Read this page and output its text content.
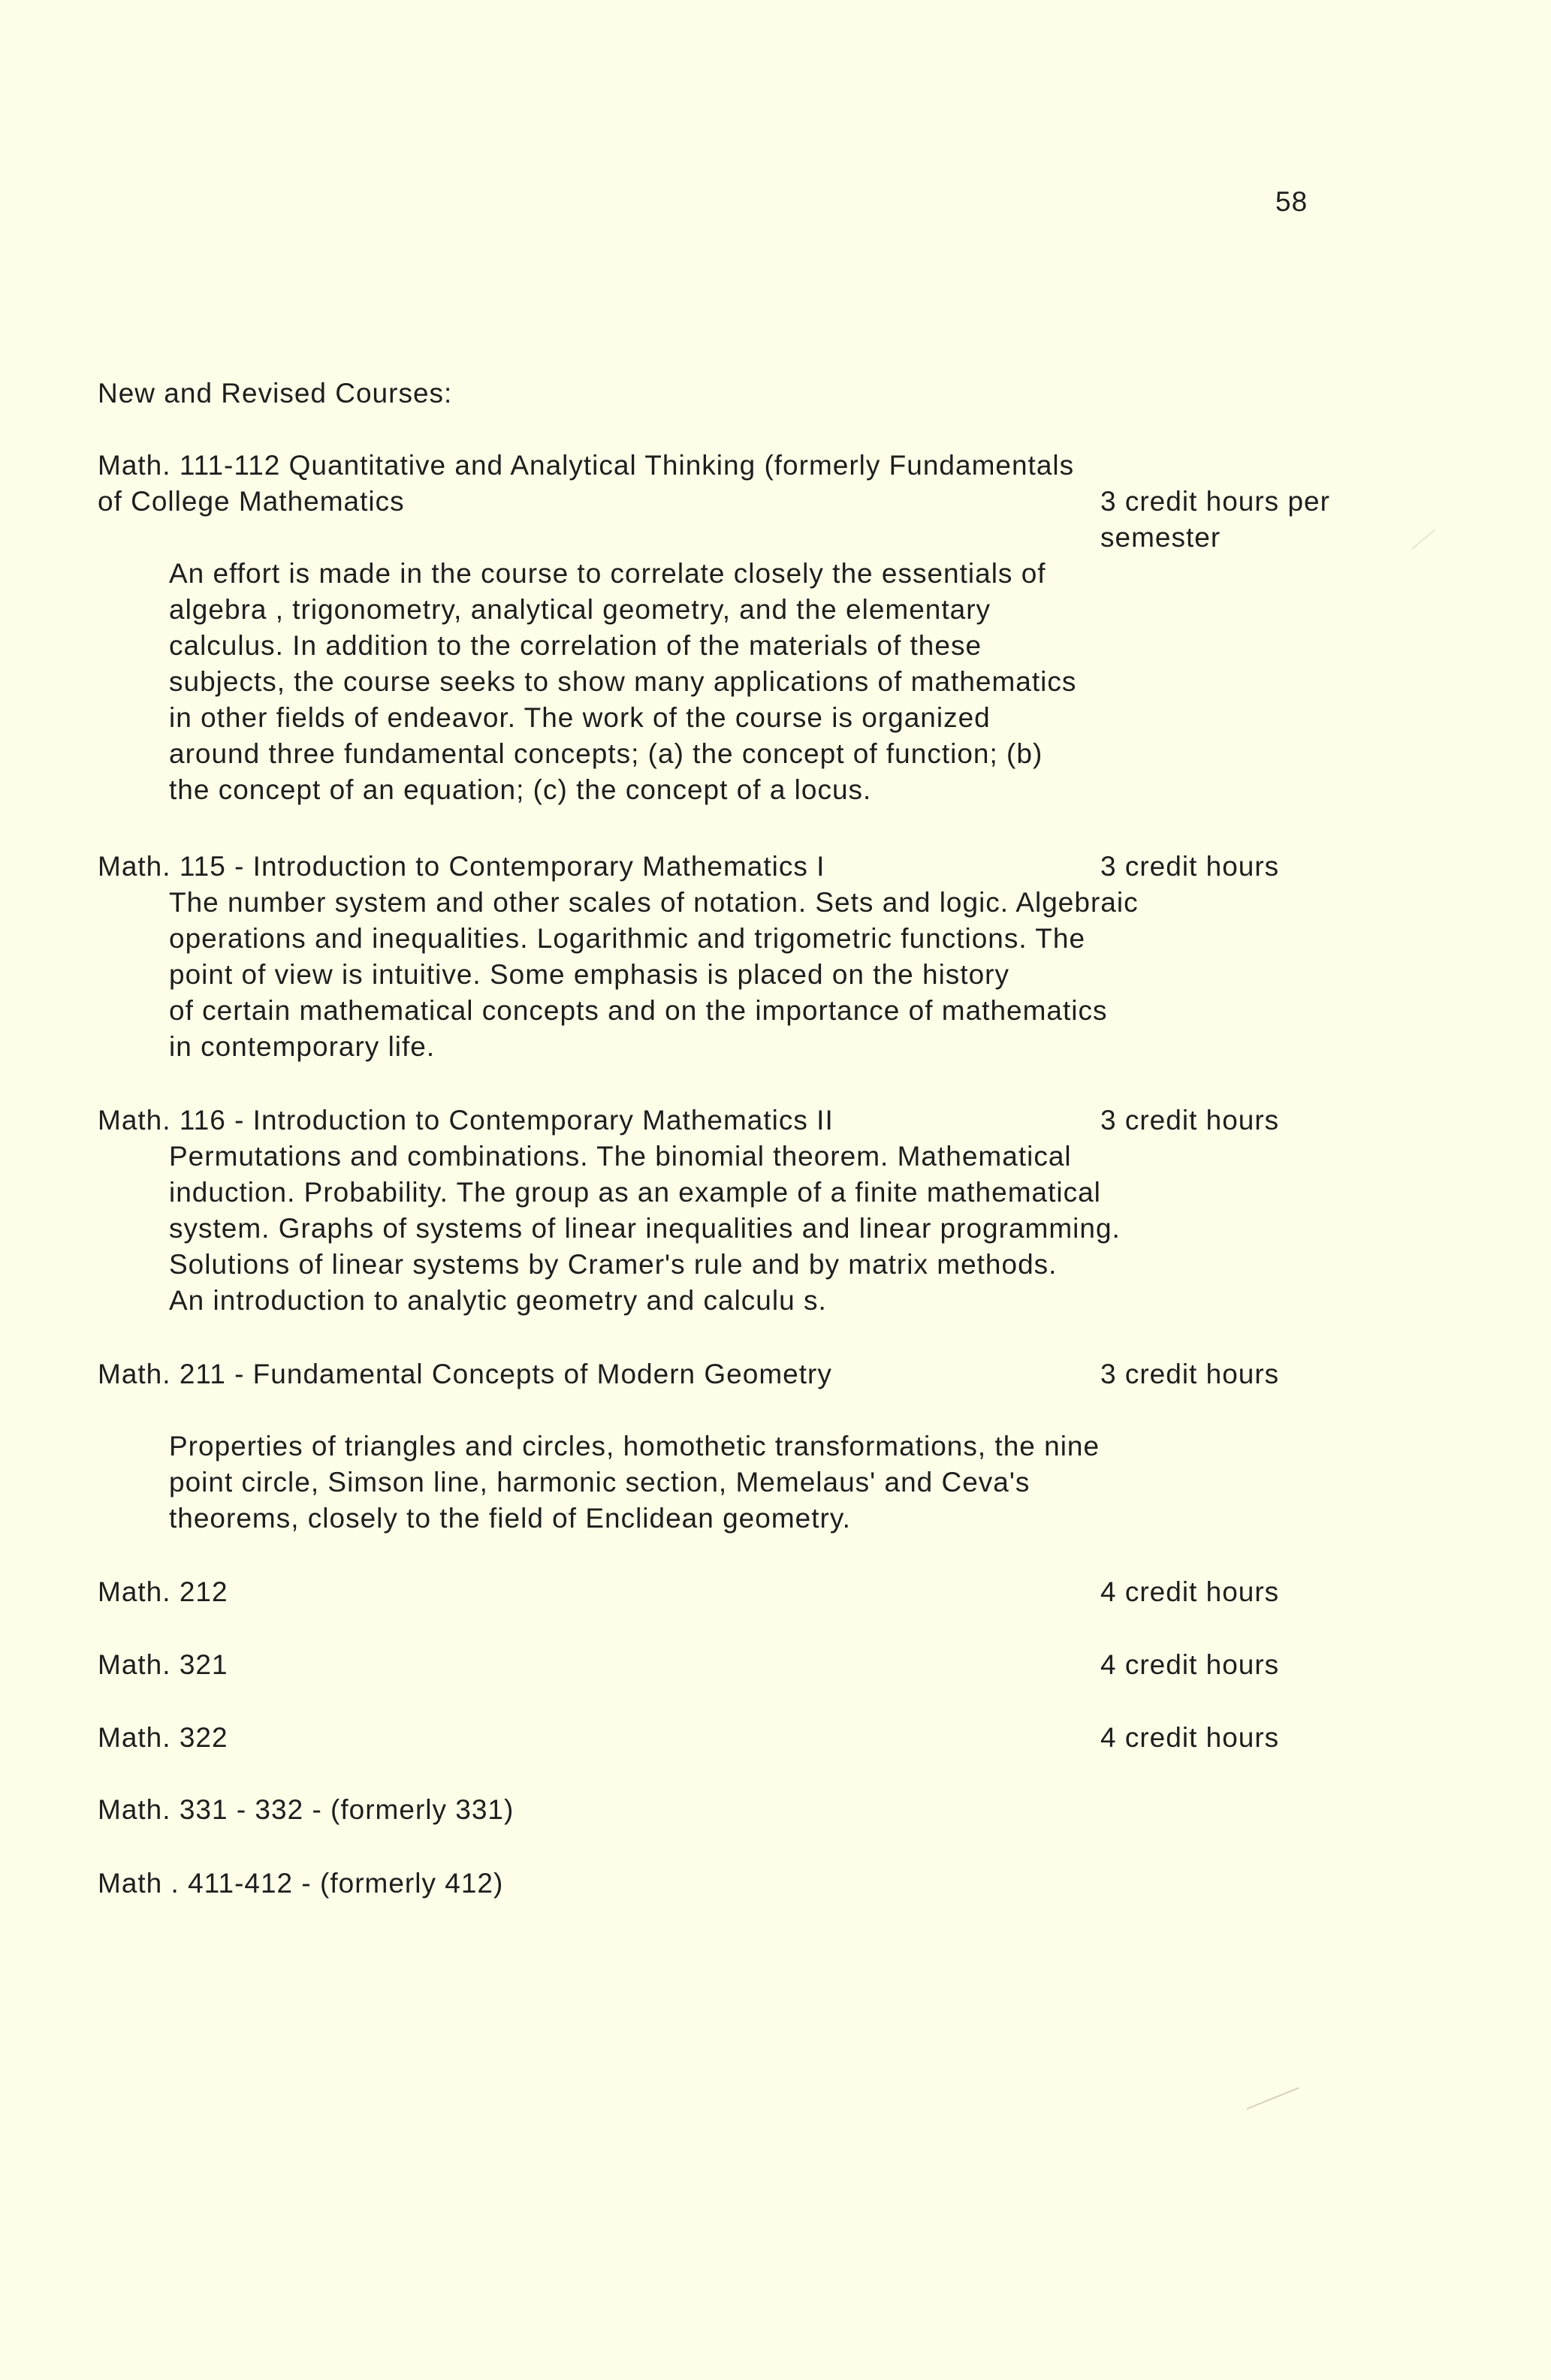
58
New and Revised Courses:
Math. 111-112 Quantitative and Analytical Thinking (formerly Fundamentals
of College Mathematics	3 credit hours per
semester
An effort is made in the course to correlate closely the essentials of
algebra , trigonometry, analytical geometry, and the elementary
calculus. In addition to the correlation of the materials of these
subjects, the course seeks to show many applications of mathematics
in other fields of endeavor. The work of the course is organized
around three fundamental concepts; (a) the concept of function; (b)
the concept of an equation; (c) the concept of a locus.
Math. 115 - Introduction to Contemporary Mathematics I	3 credit hours
The number system and other scales of notation. Sets and logic. Algebraic
operations and inequalities. Logarithmic and trigometric functions. The
point of view is intuitive. Some emphasis is placed on the history
of certain mathematical concepts and on the importance of mathematics
in contemporary life.
Math. 116 - Introduction to Contemporary Mathematics II	3 credit hours
Permutations and combinations. The binomial theorem. Mathematical
induction. Probability. The group as an example of a finite mathematical
system. Graphs of systems of linear inequalities and linear programming.
Solutions of linear systems by Cramer's rule and by matrix methods.
An introduction to analytic geometry and calculu s.
Math. 211 - Fundamental Concepts of Modern Geometry	3 credit hours
Properties of triangles and circles, homothetic transformations, the nine
point circle, Simson line, harmonic section, Memelaus' and Ceva's
theorems, closely to the field of Enclidean geometry.
Math. 212	4 credit hours
Math. 321	4 credit hours
Math. 322	4 credit hours
Math. 331 - 332 - (formerly 331)
Math . 411-412 - (formerly 412)
